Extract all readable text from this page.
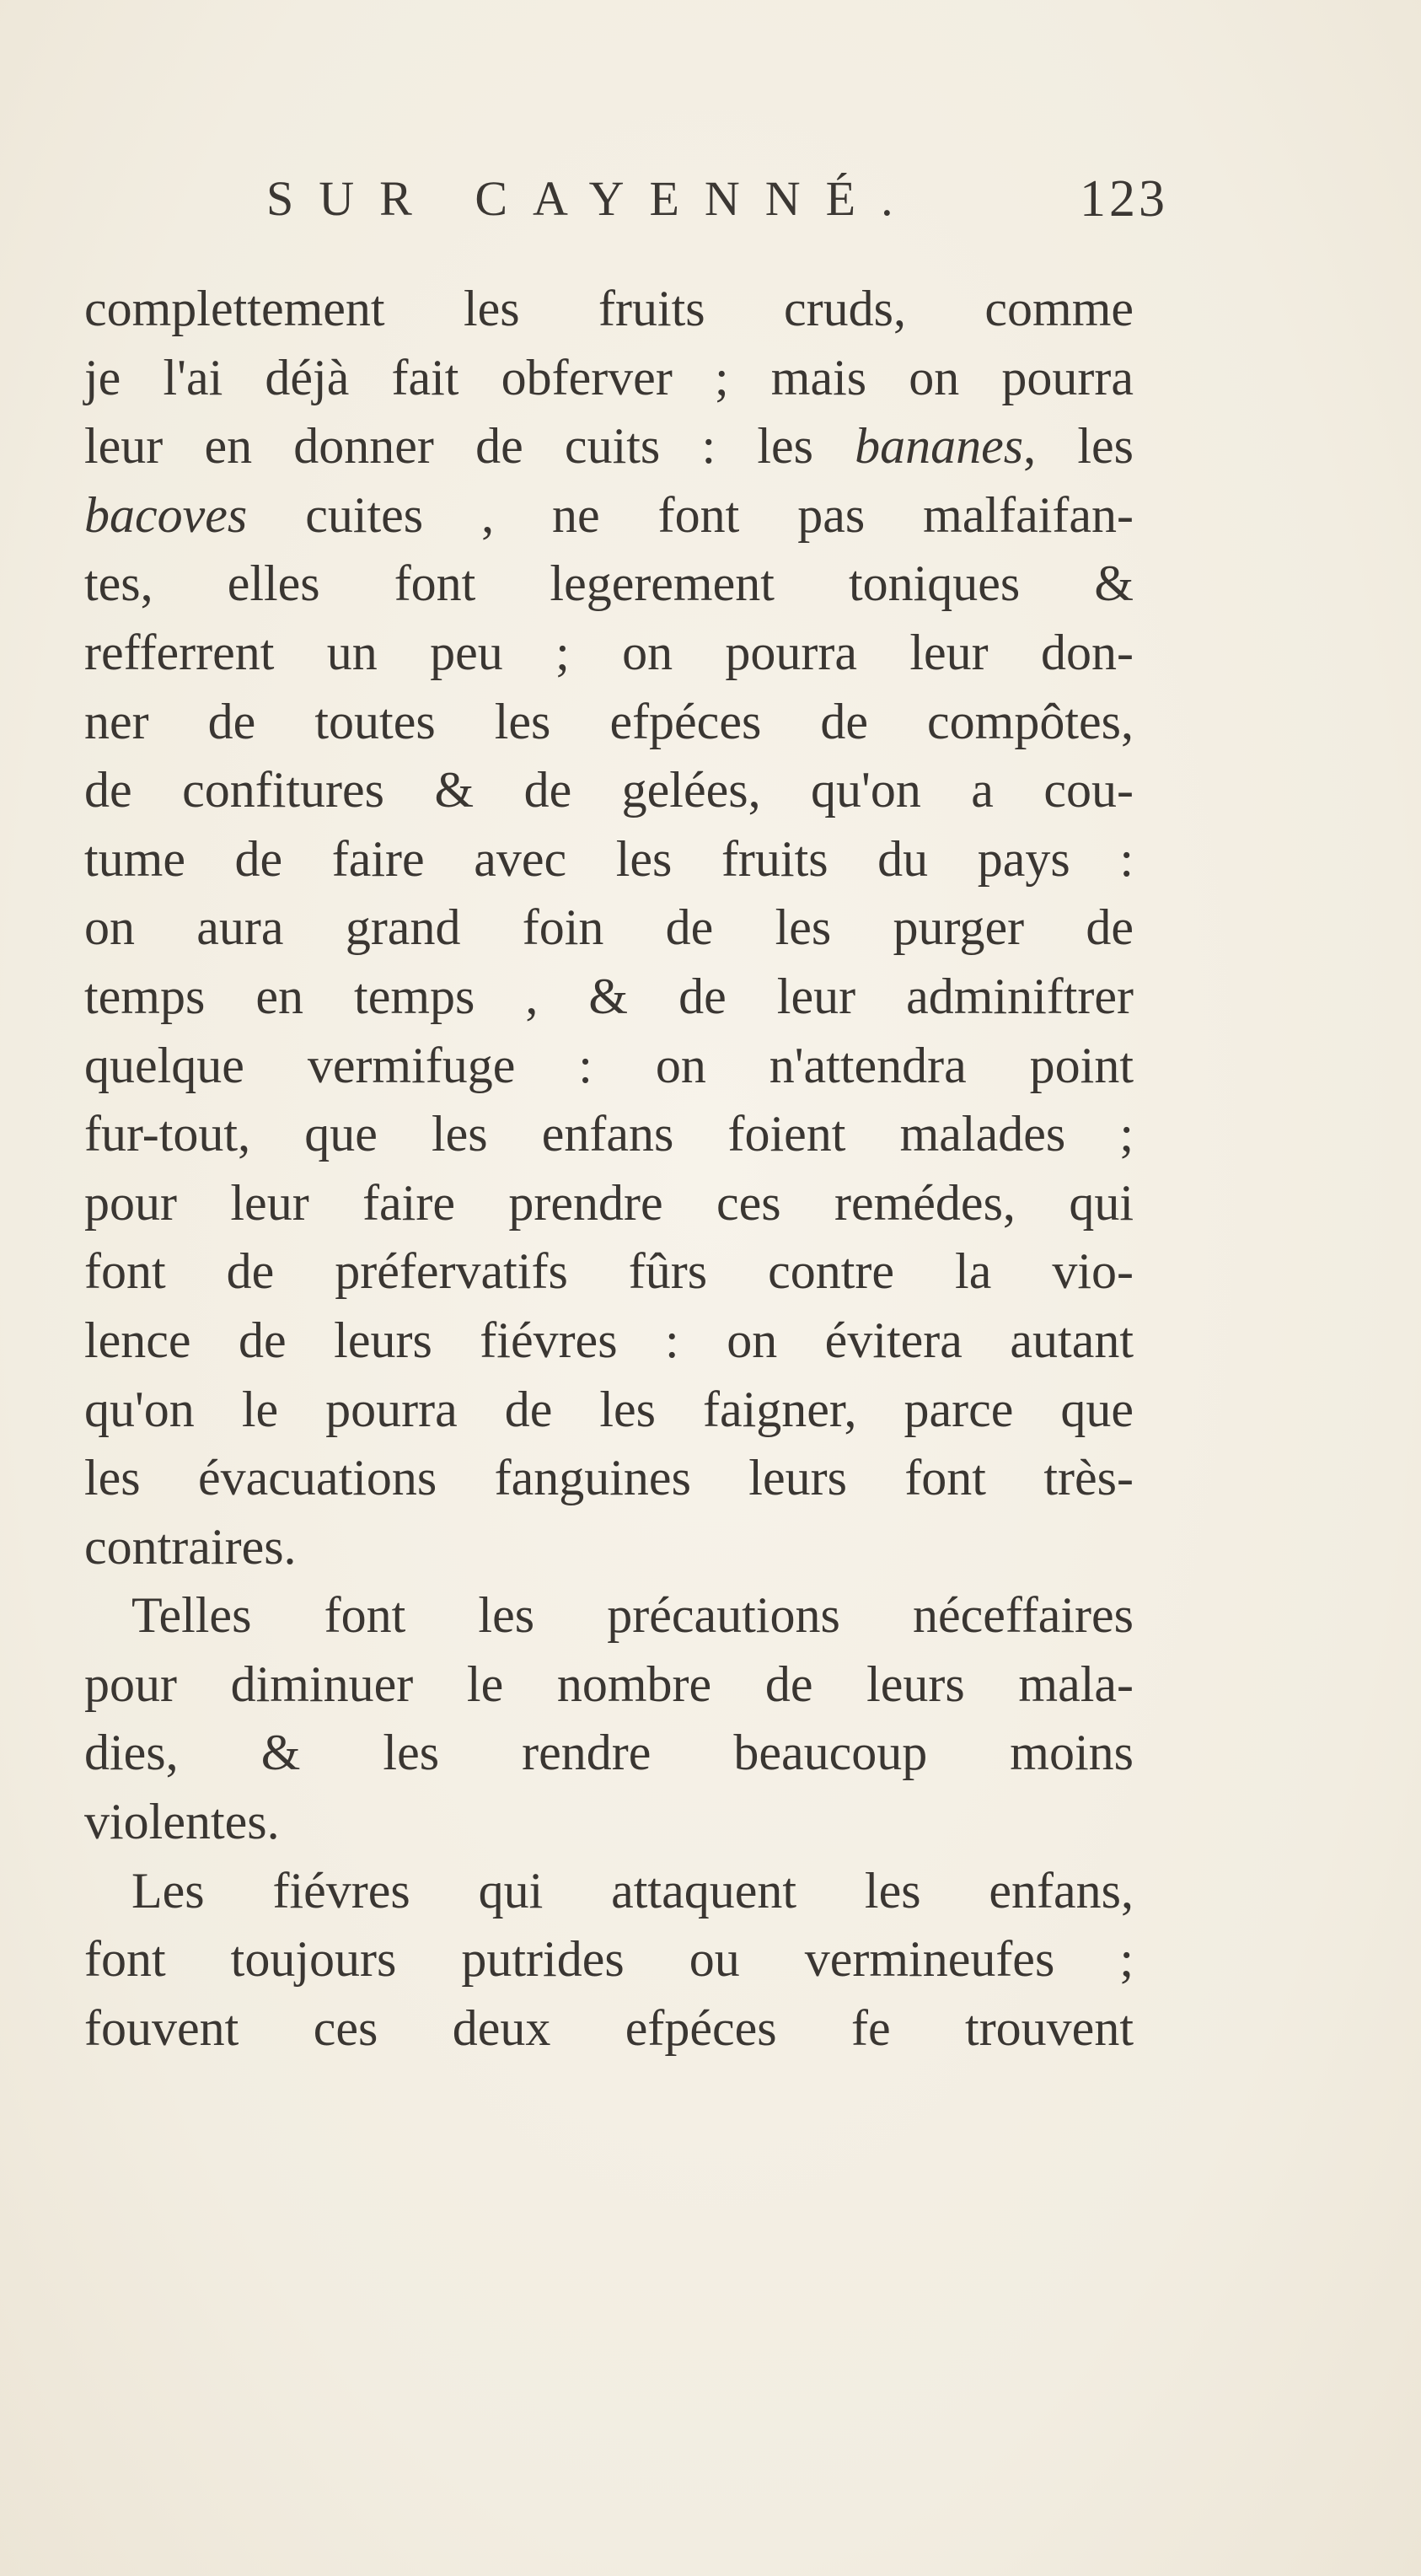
SUR CAYENNÉ.	123
complettement les fruits cruds, comme
je l'ai déjà fait obferver ; mais on pourra
leur en donner de cuits : les bananes, les
bacoves cuites , ne font pas malfaifan-
tes, elles font legerement toniques &
refferrent un peu ; on pourra leur don-
ner de toutes les efpéces de compôtes,
de confitures & de gelées, qu'on a cou-
tume de faire avec les fruits du pays :
on aura grand foin de les purger de
temps en temps , & de leur adminiftrer
quelque vermifuge : on n'attendra point
fur-tout, que les enfans foient malades ;
pour leur faire prendre ces remédes, qui
font de préfervatifs fûrs contre la vio-
lence de leurs fiévres : on évitera autant
qu'on le pourra de les faigner, parce que
les évacuations fanguines leurs font très-
contraires.
Telles font les précautions néceffaires
pour diminuer le nombre de leurs mala-
dies, & les rendre beaucoup moins
violentes.
Les fiévres qui attaquent les enfans,
font toujours putrides ou vermineufes ;
fouvent ces deux efpéces fe trouvent
